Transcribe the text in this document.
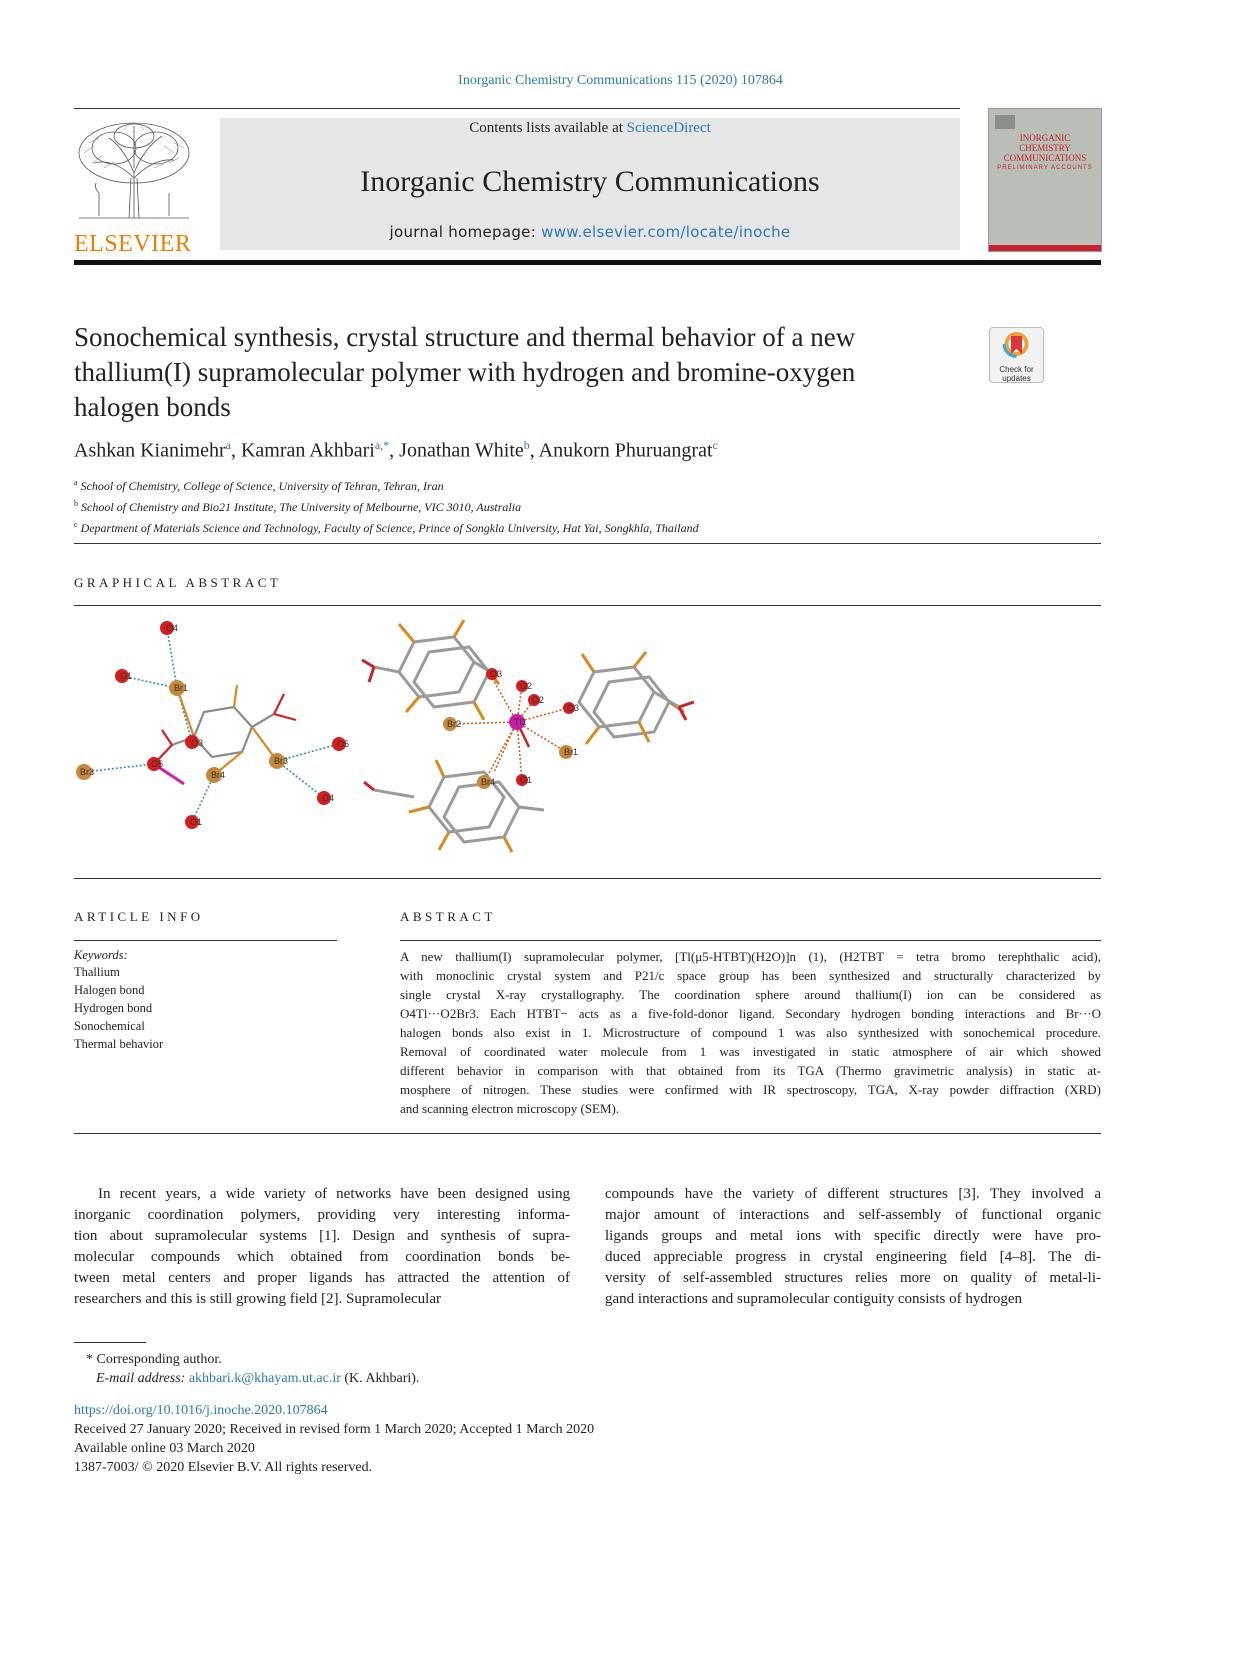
Inorganic Chemistry Communications 115 (2020) 107864
ELSEVIER
Contents lists available at ScienceDirect
Inorganic Chemistry Communications
journal homepage: www.elsevier.com/locate/inoche
INORGANIC CHEMISTRY COMMUNICATIONS
PRELIMINARY ACCOUNTS
Sonochemical synthesis, crystal structure and thermal behavior of a new
thallium(I) supramolecular polymer with hydrogen and bromine-oxygen
halogen bonds
Check for
updates
Ashkan Kianimehr$^a$, Kamran Akhbari$^{a,*}$, Jonathan White$^b$, Anukorn Phuruangrat$^c$
$^a$ School of Chemistry, College of Science, University of Tehran, Tehran, Iran
$^b$ School of Chemistry and Bio21 Institute, The University of Melbourne, VIC 3010, Australia
$^c$ Department of Materials Science and Technology, Faculty of Science, Prince of Songkla University, Hat Yai, Songkhla, Thailand
GRAPHICAL ABSTRACT
O4
O1
Br1
O3
Br3
O5
Br4
Br3
O5
O4
O1
O3
O2
O2
O3
Br2	Tl1
Br1
Br4	O1
ARTICLE INFO
Keywords:
Thallium
Halogen bond
Hydrogen bond
Sonochemical
Thermal behavior
ABSTRACT
A new thallium(I) supramolecular polymer, [Tl(μ5-HTBT)(H2O)]n (1), (H2TBT = tetra bromo terephthalic acid),
with monoclinic crystal system and P21/c space group has been synthesized and structurally characterized by
single crystal X-ray crystallography. The coordination sphere around thallium(I) ion can be considered as
O4Tl···O2Br3. Each HTBT− acts as a five-fold-donor ligand. Secondary hydrogen bonding interactions and Br···O
halogen bonds also exist in 1. Microstructure of compound 1 was also synthesized with sonochemical procedure.
Removal of coordinated water molecule from 1 was investigated in static atmosphere of air which showed
different behavior in comparison with that obtained from its TGA (Thermo gravimetric analysis) in static at-
mosphere of nitrogen. These studies were confirmed with IR spectroscopy, TGA, X-ray powder diffraction (XRD)
and scanning electron microscopy (SEM).
In recent years, a wide variety of networks have been designed using
inorganic coordination polymers, providing very interesting informa-
tion about supramolecular systems [1]. Design and synthesis of supra-
molecular compounds which obtained from coordination bonds be-
tween metal centers and proper ligands has attracted the attention of
researchers and this is still growing field [2]. Supramolecular
compounds have the variety of different structures [3]. They involved a
major amount of interactions and self-assembly of functional organic
ligands groups and metal ions with specific directly were have pro-
duced appreciable progress in crystal engineering field [4–8]. The di-
versity of self-assembled structures relies more on quality of metal-li-
gand interactions and supramolecular contiguity consists of hydrogen
* Corresponding author.
E-mail address: akhbari.k@khayam.ut.ac.ir (K. Akhbari).
https://doi.org/10.1016/j.inoche.2020.107864
Received 27 January 2020; Received in revised form 1 March 2020; Accepted 1 March 2020
Available online 03 March 2020
1387-7003/ © 2020 Elsevier B.V. All rights reserved.
